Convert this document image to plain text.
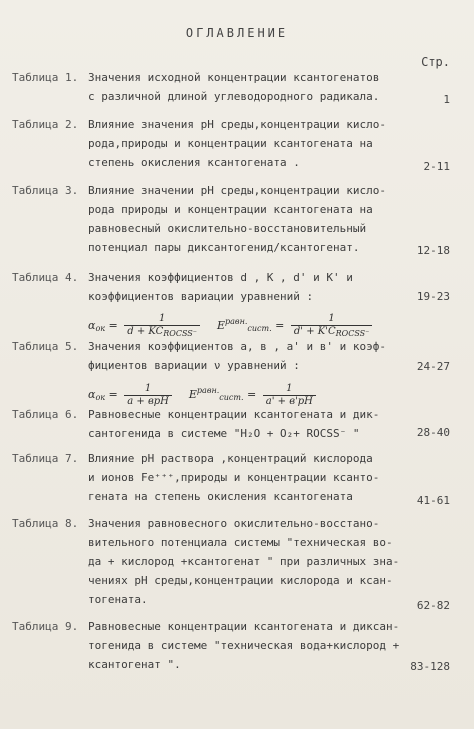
ОГЛАВЛЕНИЕ
Стр.
Таблица 1. Значения исходной концентрации ксантогенатов
с различной длиной углеводородного радикала.	1
Таблица 2. Влияние значения pH среды,концентрации кисло-
рода,природы и концентрации ксантогената на
степень окисления ксантогената .	2-11
Таблица 3. Влияние значении pH среды,концентрации кисло-
рода природы и концентрации ксантогената на
равновесный окислительно-восстановительный
потенциал пары диксантогенид/ксантогенат.	12-18
Таблица 4. Значения коэффициентов d , K , d' и K' и
коэффициентов вариации уравнений :
$\alpha_{ок} = \frac{1}{d + KC_{ROCSS^-}} E^{равн.}_{сист.} = \frac{1}{d' + K'C_{ROCSS^-}}$
19-23
Таблица 5. Значения коэффициентов a, в , a' и в' и коэф-
фициентов вариации ν уравнений :
$\alpha_{ок} = \frac{1}{\text{a + вpH}} E^{равн.}_{сист.} = \frac{1}{a' + в'pH}$
24-27
Таблица 6. Равновесные концентрации ксантогената и дик-
сантогенида в системе "H₂O + O₂+ ROCSS⁻ "	28-40
Таблица 7. Влияние pH раствора ,концентраций кислорода
и ионов Fe⁺⁺⁺,природы и концентрации ксанто-
гената на степень окисления ксантогената	41-61
Таблица 8. Значения равновесного окислительно-восстано-
вительного потенциала системы "техническая во-
да + кислород +ксантогенат " при различных зна-
чениях pH среды,концентрации кислорода и ксан-
тогената.	62-82
Таблица 9. Равновесные концентрации ксантогената и диксан-
тогенида в системе "техническая вода+кислород +
ксантогенат ".	83-128
